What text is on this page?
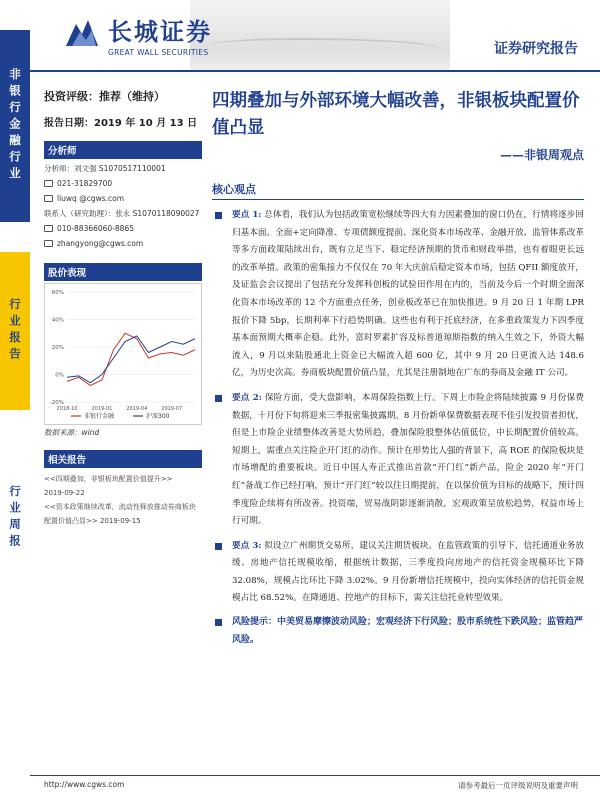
非银行金融行业
行业报告
行业周报
长城证券
GREAT WALL SECURITIES	证券研究报告
投资评级：推荐（维持）
报告日期：2019 年 10 月 13 日
分析师
分析师：刘文强 S1070517110001
021-31829700
liuwq @cgws.com
联系人（研究助理）：张永 S1070118090027
010-88366060-8865
zhangyong@cgws.com
股价表现
-20%
0%
20%
40%
60%
2018-10	2019-01	2019-04	2019-07
非银行金融	沪深300
数据来源：wind
相关报告
<<四期叠加，非银板块配置价值提升>>
2019-09-22
<<资本政策继续改革，流动性释放推动券商板块配置价值凸显>> 2019-09-15
四期叠加与外部环境大幅改善，非银板块配置价值凸显
——非银周观点
核心观点
要点 1: 总体看，我们认为包括政策宽松继续等四大有力因素叠加的窗口仍在，行情将逐步回归基本面。全面+定向降准、专项债额度提前、深化资本市场改革、金融开放、监管体系改革等多方面政策陆续出台，既有立足当下、稳定经济预期的货币和财政举措，也有着眼更长远的改革举措。政策的密集接力不仅仅在 70 年大庆前后稳定资本市场，包括 QFII 额度放开，及证监会会议提出了包括充分发挥科创板的试验田作用在内的，当前及今后一个时期全面深化资本市场改革的 12 个方面重点任务，创业板改革已在加快推进。9 月 20 日 1 年期 LPR 报价下降 5bp，长期利率下行趋势明确。这些也有利于托底经济，在多重政策发力下四季度基本面预期大概率企稳。此外，富时罗素扩容及标普道琼斯指数的纳入生效之下，外资大幅流入，9 月以来陆股通北上资金已大幅流入超 600 亿，其中 9 月 20 日更流入达 148.6 亿，为历史次高。券商板块配置价值凸显，尤其是注册制地在广东的券商及金融 IT 公司。
要点 2: 保险方面，受大盘影响，本周保险指数上行。下周上市险企将陆续披露 9 月份保费数据，十月份下旬将迎来三季报密集披露期。8 月份新单保费数据表现不佳引发投资者担忧，但是上市险企业绩整体改善是大势所趋，叠加保险股整体估值低位，中长期配置价值较高。短期上，需重点关注险企开门红的动作。预计在形势比人强的背景下，高 ROE 的保险板块是市场增配的重要板块。近日中国人寿正式推出首款“开门红”新产品，险企 2020 年“开门红”备战工作已经打响，预计“开门红”较以往日期提前，在以保价值为目标的战略下，预计四季度险企续将有所改善。投资端，贸易战阴影逐渐消散，宏观政策呈放松趋势，权益市场上行可期。
要点 3: 拟设立广州期货交易所，建议关注期货板块。在监管政策的引导下，信托通道业务放缓、房地产信托规模收缩，根据统计数据，三季度投向房地产的信托资金规模环比下降 32.08%，规模占比环比下降 3.02%。9 月份新增信托规模中，投向实体经济的信托资金规模占比 68.52%。在降通道、控地产的目标下，需关注信托业转型效果。
风险提示：中美贸易摩擦波动风险；宏观经济下行风险；股市系统性下跌风险；监管趋严风险。
http://www.cgws.com	请参考最后一页评级说明及重要声明
